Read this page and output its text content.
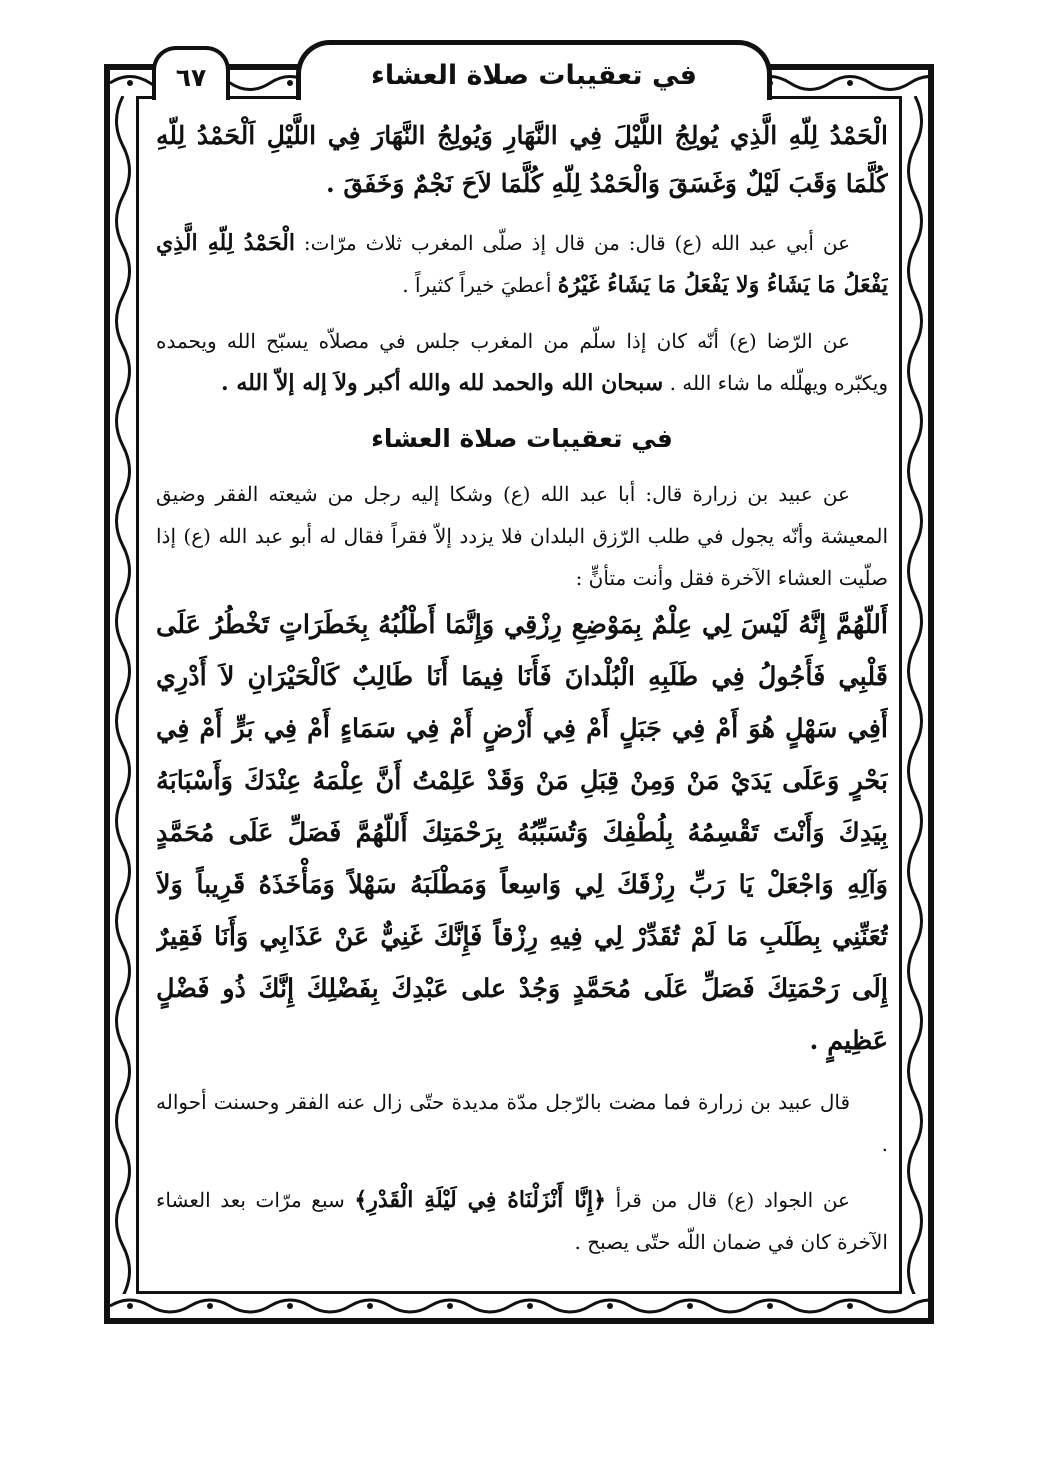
في تعقيبات صلاة العشاء
٦٧

الْحَمْدُ لِلّهِ الَّذِي يُولِجُ اللَّيْلَ فِي النَّهَارِ وَيُولِجُ النَّهَارَ فِي اللَّيْلِ اَلْحَمْدُ لِلّهِ كُلَّمَا وَقَبَ لَيْلٌ وَغَسَقَ وَالْحَمْدُ لِلّهِ كُلَّمَا لاَحَ نَجْمٌ وَخَفَقَ .

عن أبي عبد الله (ع) قال: من قال إذ صلّى المغرب ثلاث مرّات: الْحَمْدُ لِلّهِ الَّذِي يَفْعَلُ مَا يَشَاءُ وَلا يَفْعَلُ مَا يَشَاءُ غَيْرُهُ أعطيَ خيراً كثيراً .

عن الرّضا (ع) أنّه كان إذا سلّم من المغرب جلس في مصلاّه يسبّح الله ويحمده ويكبّره ويهلّله ما شاء الله . سبحان الله والحمد لله والله أكبر ولاَ إله إلاّ الله .

في تعقيبات صلاة العشاء

عن عبيد بن زرارة قال: أبا عبد الله (ع) وشكا إليه رجل من شيعته الفقر وضيق المعيشة وأنّه يجول في طلب الرّزق البلدان فلا يزدد إلاّ فقراً فقال له أبو عبد الله (ع) إذا صلّيت العشاء الآخرة فقل وأنت متأنٍّ :

أَللّهُمَّ إِنَّهُ لَيْسَ لِي عِلْمٌ بِمَوْضِعِ رِزْقِي وَإِنَّمَا أَطْلُبُهُ بِخَطَرَاتٍ تَخْطُرُ عَلَى قَلْبِي فَأَجُولُ فِي طَلَبِهِ الْبُلْدانَ فَأَنَا فِيمَا أَنَا طَالِبٌ كَالْحَيْرَانِ لاَ أَدْرِي أَفِي سَهْلٍ هُوَ أَمْ فِي جَبَلٍ أَمْ فِي أَرْضٍ أَمْ فِي سَمَاءٍ أَمْ فِي بَرٍّ أَمْ فِي بَحْرٍ وَعَلَى يَدَيْ مَنْ وَمِنْ قِبَلِ مَنْ وَقَدْ عَلِمْتُ أَنَّ عِلْمَهُ عِنْدَكَ وَأَسْبَابَهُ بِيَدِكَ وَأَنْتَ تَقْسِمُهُ بِلُطْفِكَ وَتُسَبِّبُهُ بِرَحْمَتِكَ أَللّهُمَّ فَصَلِّ عَلَى مُحَمَّدٍ وَآلِهِ وَاجْعَلْ يَا رَبِّ رِزْقَكَ لِي وَاسِعاً وَمَطْلَبَهُ سَهْلاً وَمَأْخَذَهُ قَرِيباً وَلاَ تُعَنِّنِي بِطَلَبِ مَا لَمْ تُقَدِّرْ لِي فِيهِ رِزْقاً فَإِنَّكَ غَنِيٌّ عَنْ عَذَابِي وَأَنَا فَقِيرٌ إِلَى رَحْمَتِكَ فَصَلِّ عَلَى مُحَمَّدٍ وَجُدْ على عَبْدِكَ بِفَضْلِكَ إِنَّكَ ذُو فَضْلٍ عَظِيمٍ .

قال عبيد بن زرارة فما مضت بالرّجل مدّة مديدة حتّى زال عنه الفقر وحسنت أحواله .

عن الجواد (ع) قال من قرأ ﴿إِنَّا أَنْزَلْنَاهُ فِي لَيْلَةِ الْقَدْرِ﴾ سبع مرّات بعد العشاء الآخرة كان في ضمان اللّه حتّى يصبح .
